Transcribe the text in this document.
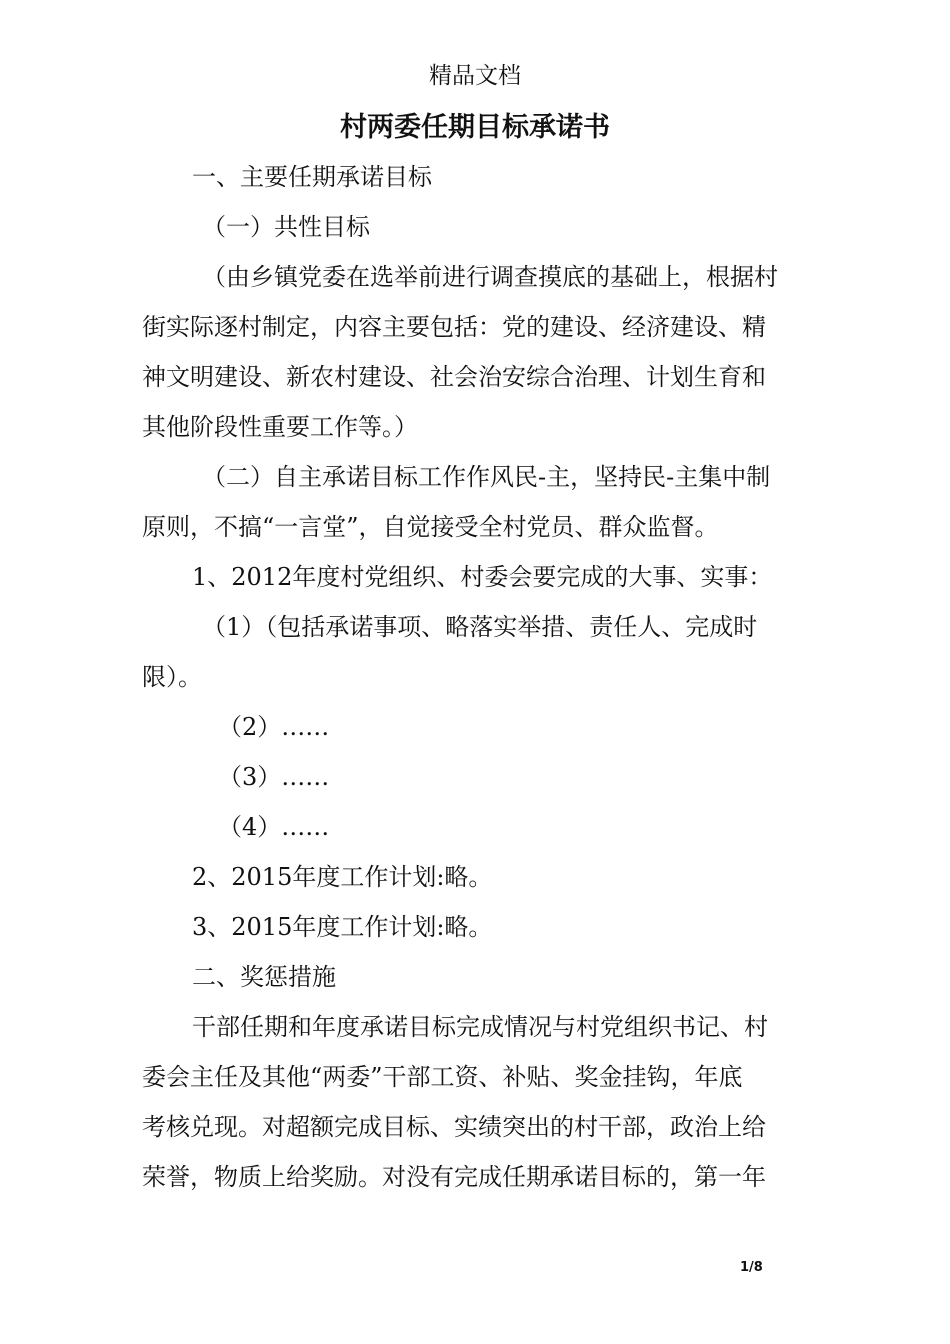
精品文档
村两委任期目标承诺书
一、主要任期承诺目标
（一）共性目标
（由乡镇党委在选举前进行调查摸底的基础上，根据村
街实际逐村制定，内容主要包括：党的建设、经济建设、精
神文明建设、新农村建设、社会治安综合治理、计划生育和
其他阶段性重要工作等。）
（二）自主承诺目标工作作风民-主，坚持民-主集中制
原则，不搞“一言堂”，自觉接受全村党员、群众监督。
1、2012年度村党组织、村委会要完成的大事、实事：
（1）（包括承诺事项、略落实举措、责任人、完成时
限）。
（2）……
（3）……
（4）……
2、2015年度工作计划:略。
3、2015年度工作计划:略。
二、奖惩措施
干部任期和年度承诺目标完成情况与村党组织书记、村
委会主任及其他“两委”干部工资、补贴、奖金挂钩，年底
考核兑现。对超额完成目标、实绩突出的村干部，政治上给
荣誉，物质上给奖励。对没有完成任期承诺目标的，第一年
1/8
